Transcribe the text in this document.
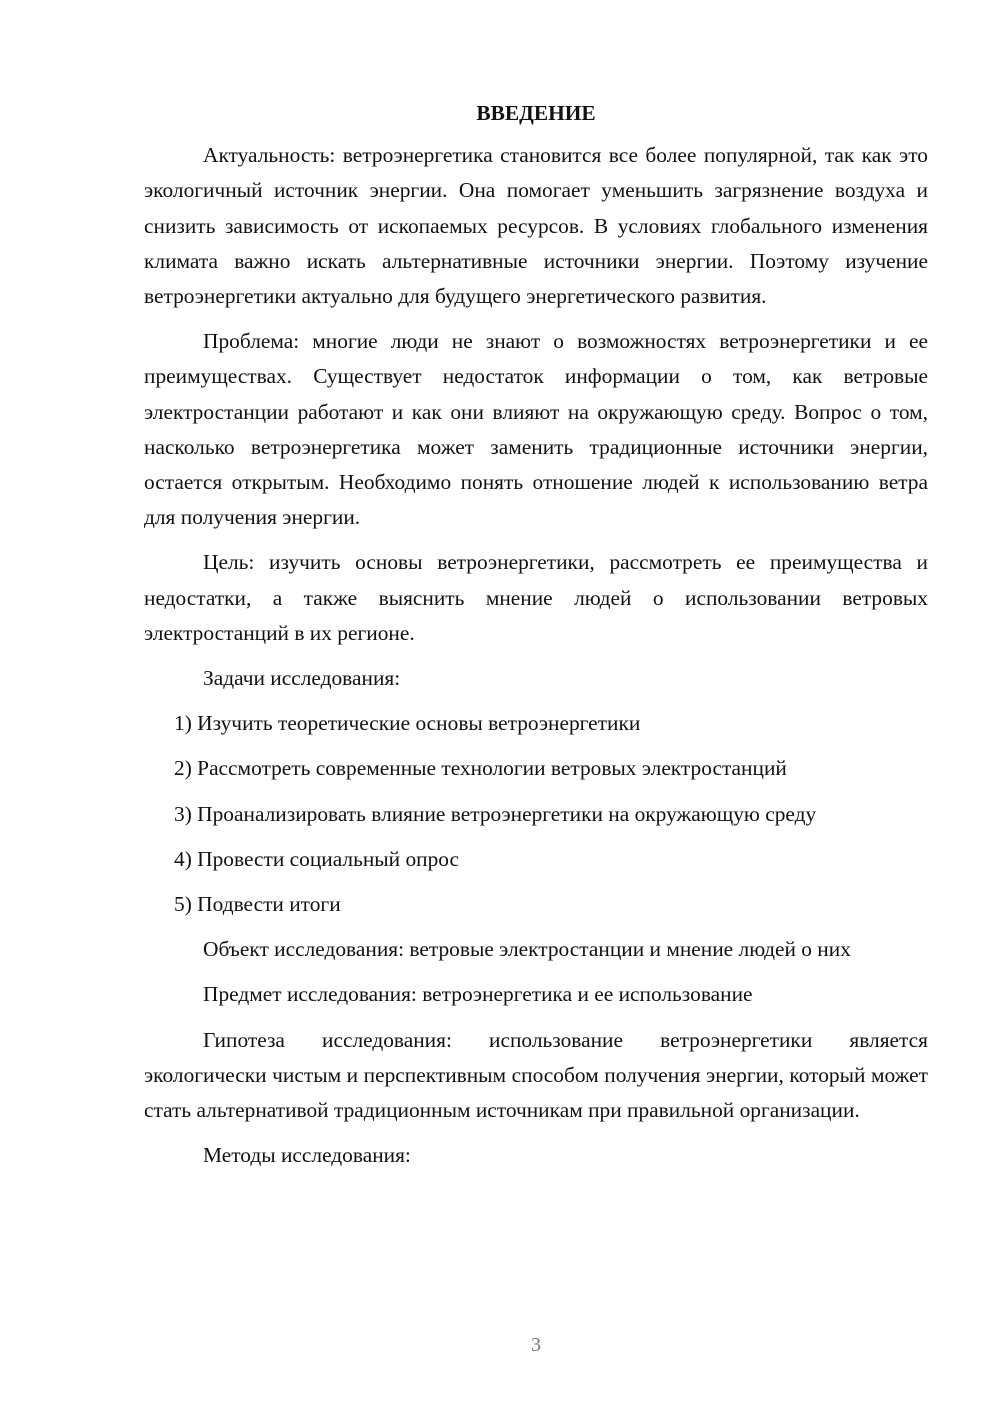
ВВЕДЕНИЕ

Актуальность: ветроэнергетика становится все более популярной, так как это экологичный источник энергии. Она помогает уменьшить загрязнение воздуха и снизить зависимость от ископаемых ресурсов. В условиях глобального изменения климата важно искать альтернативные источники энергии. Поэтому изучение ветроэнергетики актуально для будущего энергетического развития.

Проблема: многие люди не знают о возможностях ветроэнергетики и ее преимуществах. Существует недостаток информации о том, как ветровые электростанции работают и как они влияют на окружающую среду. Вопрос о том, насколько ветроэнергетика может заменить традиционные источники энергии, остается открытым. Необходимо понять отношение людей к использованию ветра для получения энергии.

Цель: изучить основы ветроэнергетики, рассмотреть ее преимущества и недостатки, а также выяснить мнение людей о использовании ветровых электростанций в их регионе.

Задачи исследования:

1) Изучить теоретические основы ветроэнергетики
2) Рассмотреть современные технологии ветровых электростанций
3) Проанализировать влияние ветроэнергетики на окружающую среду
4) Провести социальный опрос
5) Подвести итоги

Объект исследования: ветровые электростанции и мнение людей о них

Предмет исследования: ветроэнергетика и ее использование

Гипотеза исследования: использование ветроэнергетики является экологически чистым и перспективным способом получения энергии, который может стать альтернативой традиционным источникам при правильной организации.

Методы исследования:

3
